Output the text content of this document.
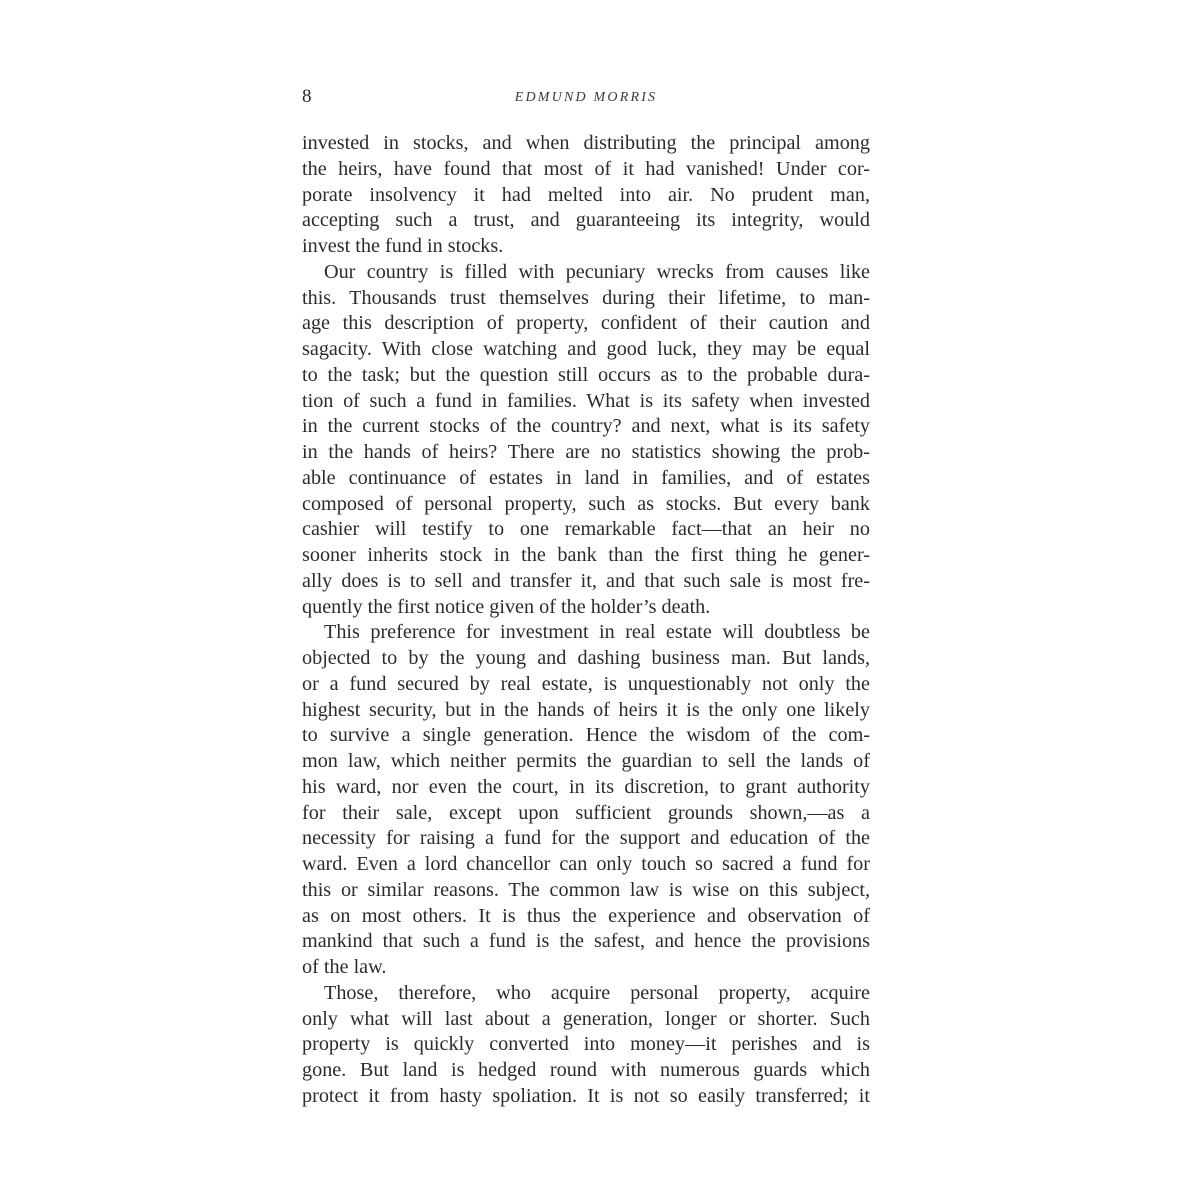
8	EDMUND MORRIS
invested in stocks, and when distributing the principal among
the heirs, have found that most of it had vanished! Under cor-
porate insolvency it had melted into air. No prudent man,
accepting such a trust, and guaranteeing its integrity, would
invest the fund in stocks.
Our country is filled with pecuniary wrecks from causes like
this. Thousands trust themselves during their lifetime, to man-
age this description of property, confident of their caution and
sagacity. With close watching and good luck, they may be equal
to the task; but the question still occurs as to the probable dura-
tion of such a fund in families. What is its safety when invested
in the current stocks of the country? and next, what is its safety
in the hands of heirs? There are no statistics showing the prob-
able continuance of estates in land in families, and of estates
composed of personal property, such as stocks. But every bank
cashier will testify to one remarkable fact—that an heir no
sooner inherits stock in the bank than the first thing he gener-
ally does is to sell and transfer it, and that such sale is most fre-
quently the first notice given of the holder’s death.
This preference for investment in real estate will doubtless be
objected to by the young and dashing business man. But lands,
or a fund secured by real estate, is unquestionably not only the
highest security, but in the hands of heirs it is the only one likely
to survive a single generation. Hence the wisdom of the com-
mon law, which neither permits the guardian to sell the lands of
his ward, nor even the court, in its discretion, to grant authority
for their sale, except upon sufficient grounds shown,—as a
necessity for raising a fund for the support and education of the
ward. Even a lord chancellor can only touch so sacred a fund for
this or similar reasons. The common law is wise on this subject,
as on most others. It is thus the experience and observation of
mankind that such a fund is the safest, and hence the provisions
of the law.
Those, therefore, who acquire personal property, acquire
only what will last about a generation, longer or shorter. Such
property is quickly converted into money—it perishes and is
gone. But land is hedged round with numerous guards which
protect it from hasty spoliation. It is not so easily transferred; it
